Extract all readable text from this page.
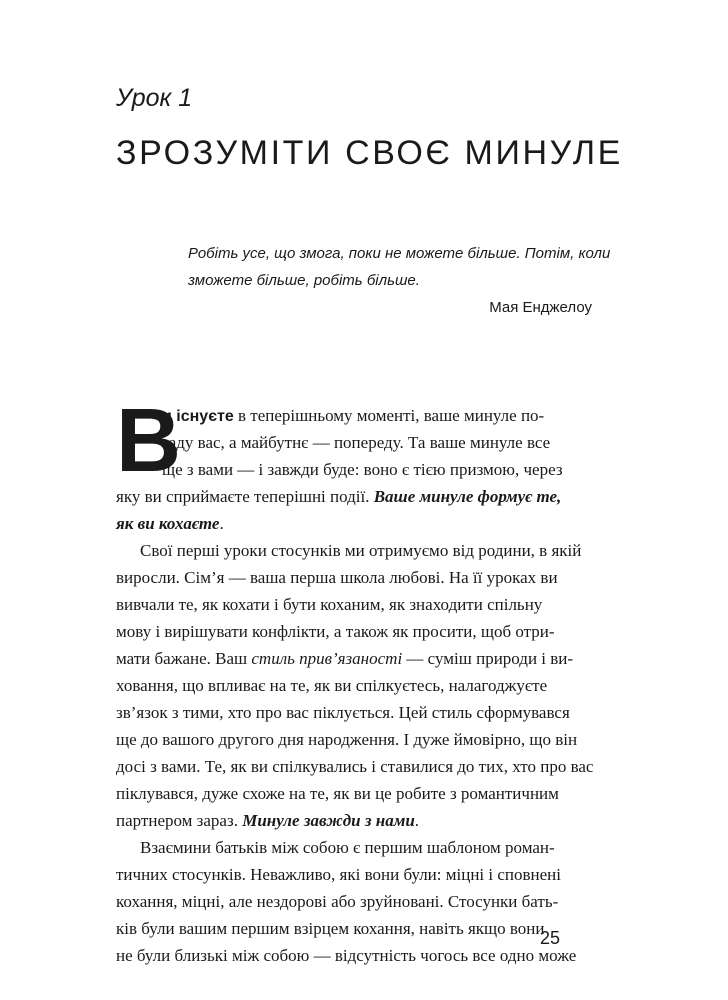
Урок 1
ЗРОЗУМІТИ СВОЄ МИНУЛЕ
Робіть усе, що змога, поки не можете більше. Потім, коли
зможете більше, робіть більше.
Мая Енджелоу
В
и існуєте в теперішньому моменті, ваше минуле по-
заду вас, а майбутнє — попереду. Та ваше минуле все
ще з вами — і завжди буде: воно є тією призмою, через
яку ви сприймаєте теперішні події. Ваше минуле формує те,
як ви кохаєте.
Свої перші уроки стосунків ми отримуємо від родини, в якій
виросли. Сім’я — ваша перша школа любові. На її уроках ви
вивчали те, як кохати і бути коханим, як знаходити спільну
мову і вирішувати конфлікти, а також як просити, щоб отри-
мати бажане. Ваш стиль прив’язаності — суміш природи і ви-
ховання, що впливає на те, як ви спілкуєтесь, налагоджуєте
зв’язок з тими, хто про вас піклується. Цей стиль сформувався
ще до вашого другого дня народження. І дуже ймовірно, що він
досі з вами. Те, як ви спілкувались і ставилися до тих, хто про вас
піклувався, дуже схоже на те, як ви це робите з романтичним
партнером зараз. Минуле завжди з нами.
Взаємини батьків між собою є першим шаблоном роман-
тичних стосунків. Неважливо, які вони були: міцні і сповнені
кохання, міцні, але нездорові або зруйновані. Стосунки бать-
ків були вашим першим взірцем кохання, навіть якщо вони
не були близькі між собою — відсутність чогось все одно може

25
